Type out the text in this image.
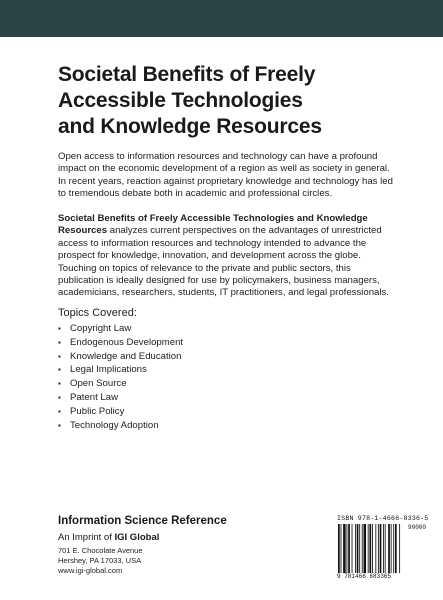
Societal Benefits of Freely
Accessible Technologies
and Knowledge Resources

Open access to information resources and technology can have a profound impact on the economic development of a region as well as society in general. In recent years, reaction against proprietary knowledge and technology has led to tremendous debate both in academic and professional circles.

Societal Benefits of Freely Accessible Technologies and Knowledge Resources analyzes current perspectives on the advantages of unrestricted access to information resources and technology intended to advance the prospect for knowledge, innovation, and development across the globe. Touching on topics of relevance to the private and public sectors, this publication is ideally designed for use by policymakers, business managers, academicians, researchers, students, IT practitioners, and legal professionals.

Topics Covered:
▪ Copyright Law
▪ Endogenous Development
▪ Knowledge and Education
▪ Legal Implications
▪ Open Source
▪ Patent Law
▪ Public Policy
▪ Technology Adoption

Information Science Reference

An Imprint of IGI Global

701 E. Chocolate Avenue

Hershey, PA 17033, USA

www.igi-global.com

ISBN 978-1-4666-8336-5

90000
9 781466 683365
